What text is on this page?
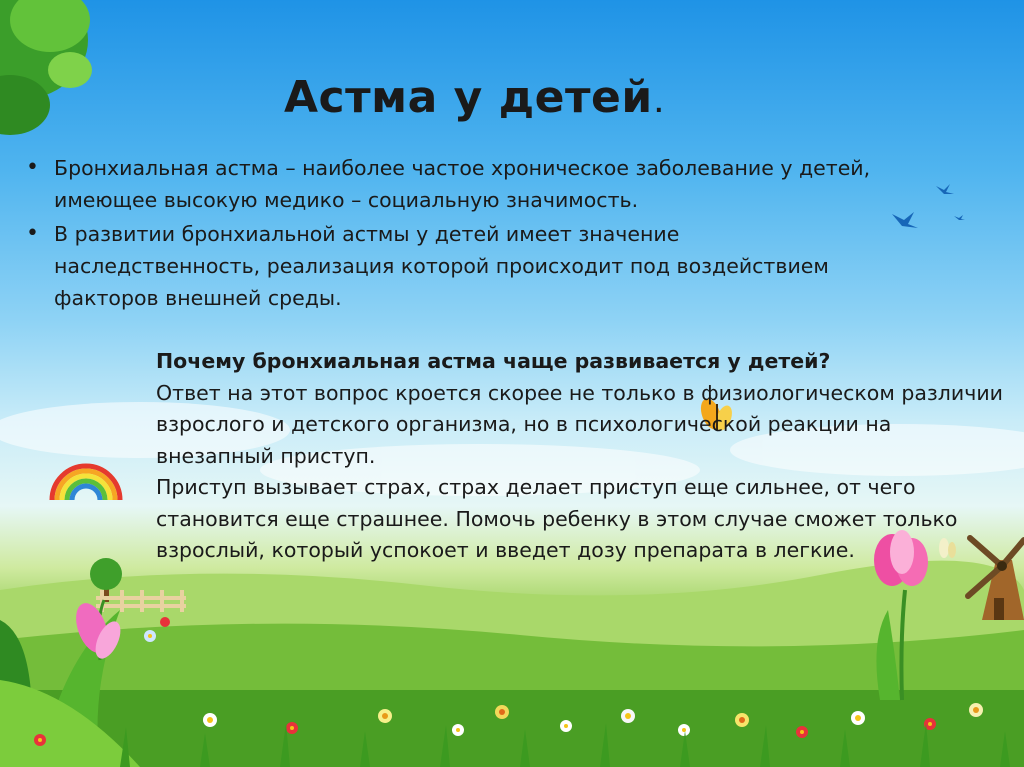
Астма у детей.
• Бронхиальная астма – наиболее частое хроническое заболевание у детей, имеющее высокую медико – социальную значимость.
• В развитии бронхиальной астмы у детей имеет значение наследственность, реализация которой происходит под воздействием факторов внешней среды.
Почему бронхиальная астма чаще развивается у детей?
Ответ на этот вопрос кроется скорее не только в физиологическом различии взрослого и детского организма, но в психологической реакции на внезапный приступ.
Приступ вызывает страх, страх делает приступ еще сильнее, от чего становится еще страшнее. Помочь ребенку в этом случае сможет только взрослый, который успокоет и введет дозу препарата в легкие.
